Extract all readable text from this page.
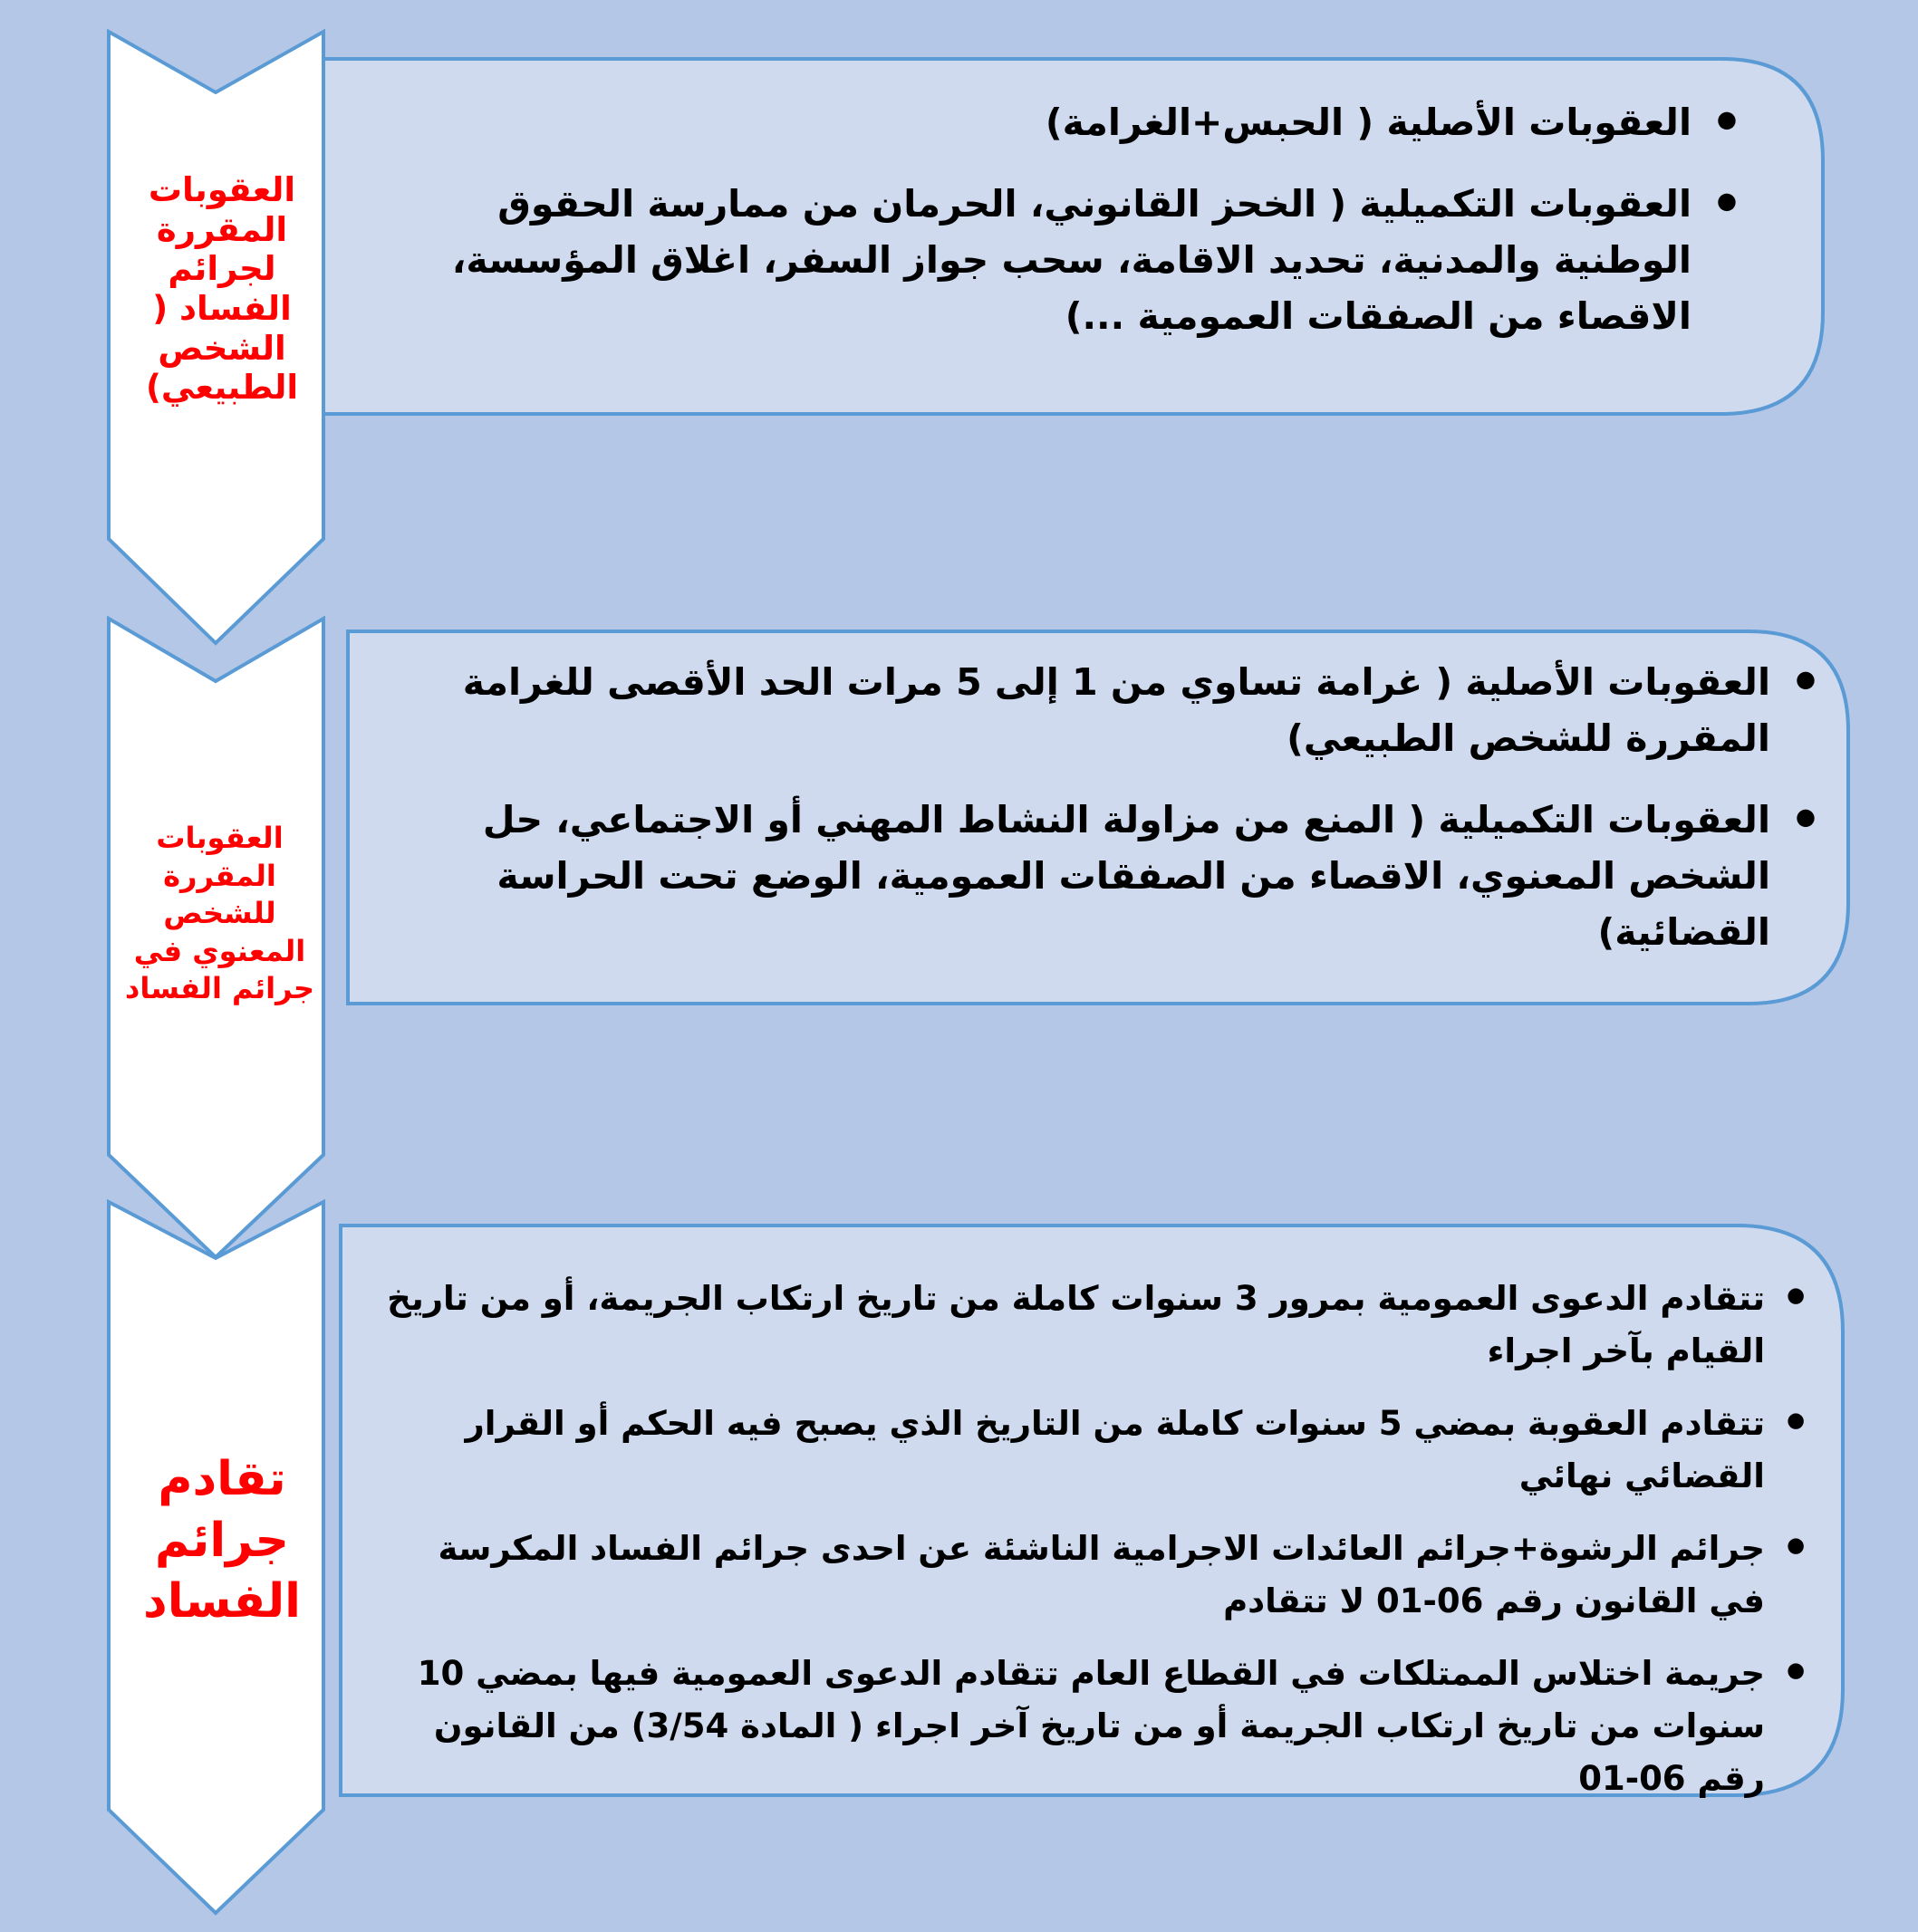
العقوبات المقررة لجرائم الفساد ( الشخص الطبيعي)
العقوبات المقررة للشخص المعنوي في جرائم الفساد
تقادم جرائم الفساد
● العقوبات الأصلية ( الحبس+الغرامة)
● العقوبات التكميلية ( الخحز القانوني، الحرمان من ممارسة الحقوق الوطنية والمدنية، تحديد الاقامة، سحب جواز السفر، اغلاق المؤسسة، الاقصاء من الصفقات العمومية ...)
● العقوبات الأصلية ( غرامة تساوي من 1 إلى 5 مرات الحد الأقصى للغرامة المقررة للشخص الطبيعي)
● العقوبات التكميلية ( المنع من مزاولة النشاط المهني أو الاجتماعي، حل الشخص المعنوي، الاقصاء من الصفقات العمومية، الوضع تحت الحراسة القضائية)
● تتقادم الدعوى العمومية بمرور 3 سنوات كاملة من تاريخ ارتكاب الجريمة، أو من تاريخ القيام بآخر اجراء
● تتقادم العقوبة بمضي 5 سنوات كاملة من التاريخ الذي يصبح فيه الحكم أو القرار القضائي نهائي
● جرائم الرشوة+جرائم العائدات الاجرامية الناشئة عن احدى جرائم الفساد المكرسة في القانون رقم 06-01 لا تتقادم
● جريمة اختلاس الممتلكات في القطاع العام تتقادم الدعوى العمومية فيها بمضي 10 سنوات من تاريخ ارتكاب الجريمة أو من تاريخ آخر اجراء ( المادة 3/54) من القانون رقم 06-01
